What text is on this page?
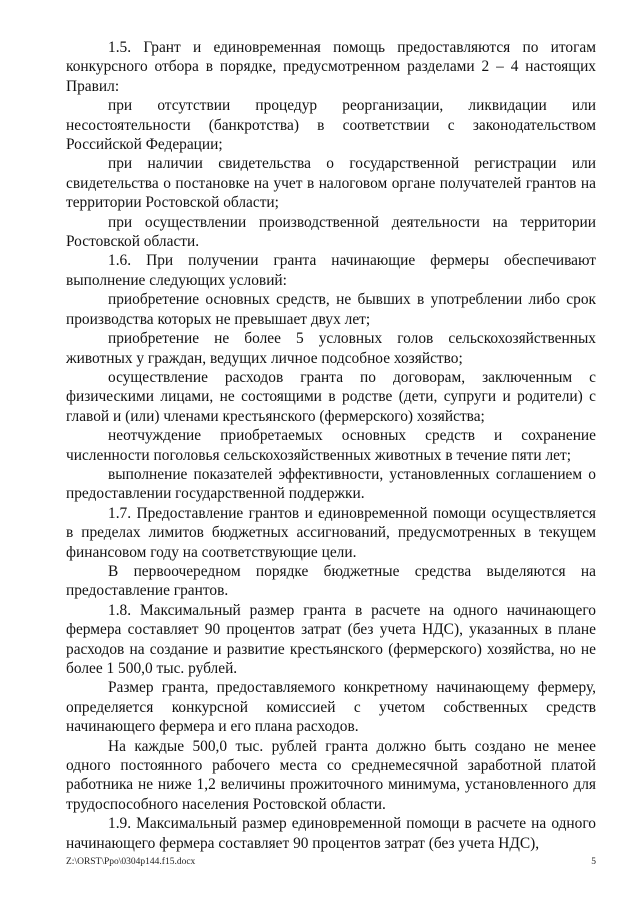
1.5. Грант и единовременная помощь предоставляются по итогам конкурсного отбора в порядке, предусмотренном разделами 2 – 4 настоящих Правил:

при отсутствии процедур реорганизации, ликвидации или несостоятельности (банкротства) в соответствии с законодательством Российской Федерации;

при наличии свидетельства о государственной регистрации или свидетельства о постановке на учет в налоговом органе получателей грантов на территории Ростовской области;

при осуществлении производственной деятельности на территории Ростовской области.

1.6. При получении гранта начинающие фермеры обеспечивают выполнение следующих условий:

приобретение основных средств, не бывших в употреблении либо срок производства которых не превышает двух лет;

приобретение не более 5 условных голов сельскохозяйственных животных у граждан, ведущих личное подсобное хозяйство;

осуществление расходов гранта по договорам, заключенным с физическими лицами, не состоящими в родстве (дети, супруги и родители) с главой и (или) членами крестьянского (фермерского) хозяйства;

неотчуждение приобретаемых основных средств и сохранение численности поголовья сельскохозяйственных животных в течение пяти лет;

выполнение показателей эффективности, установленных соглашением о предоставлении государственной поддержки.

1.7. Предоставление грантов и единовременной помощи осуществляется в пределах лимитов бюджетных ассигнований, предусмотренных в текущем финансовом году на соответствующие цели.

В первоочередном порядке бюджетные средства выделяются на предоставление грантов.

1.8. Максимальный размер гранта в расчете на одного начинающего фермера составляет 90 процентов затрат (без учета НДС), указанных в плане расходов на создание и развитие крестьянского (фермерского) хозяйства, но не более 1 500,0 тыс. рублей.

Размер гранта, предоставляемого конкретному начинающему фермеру, определяется конкурсной комиссией с учетом собственных средств начинающего фермера и его плана расходов.

На каждые 500,0 тыс. рублей гранта должно быть создано не менее одного постоянного рабочего места со среднемесячной заработной платой работника не ниже 1,2 величины прожиточного минимума, установленного для трудоспособного населения Ростовской области.

1.9. Максимальный размер единовременной помощи в расчете на одного начинающего фермера составляет 90 процентов затрат (без учета НДС),

Z:\ORST\Ppo\0304p144.f15.docx	5
